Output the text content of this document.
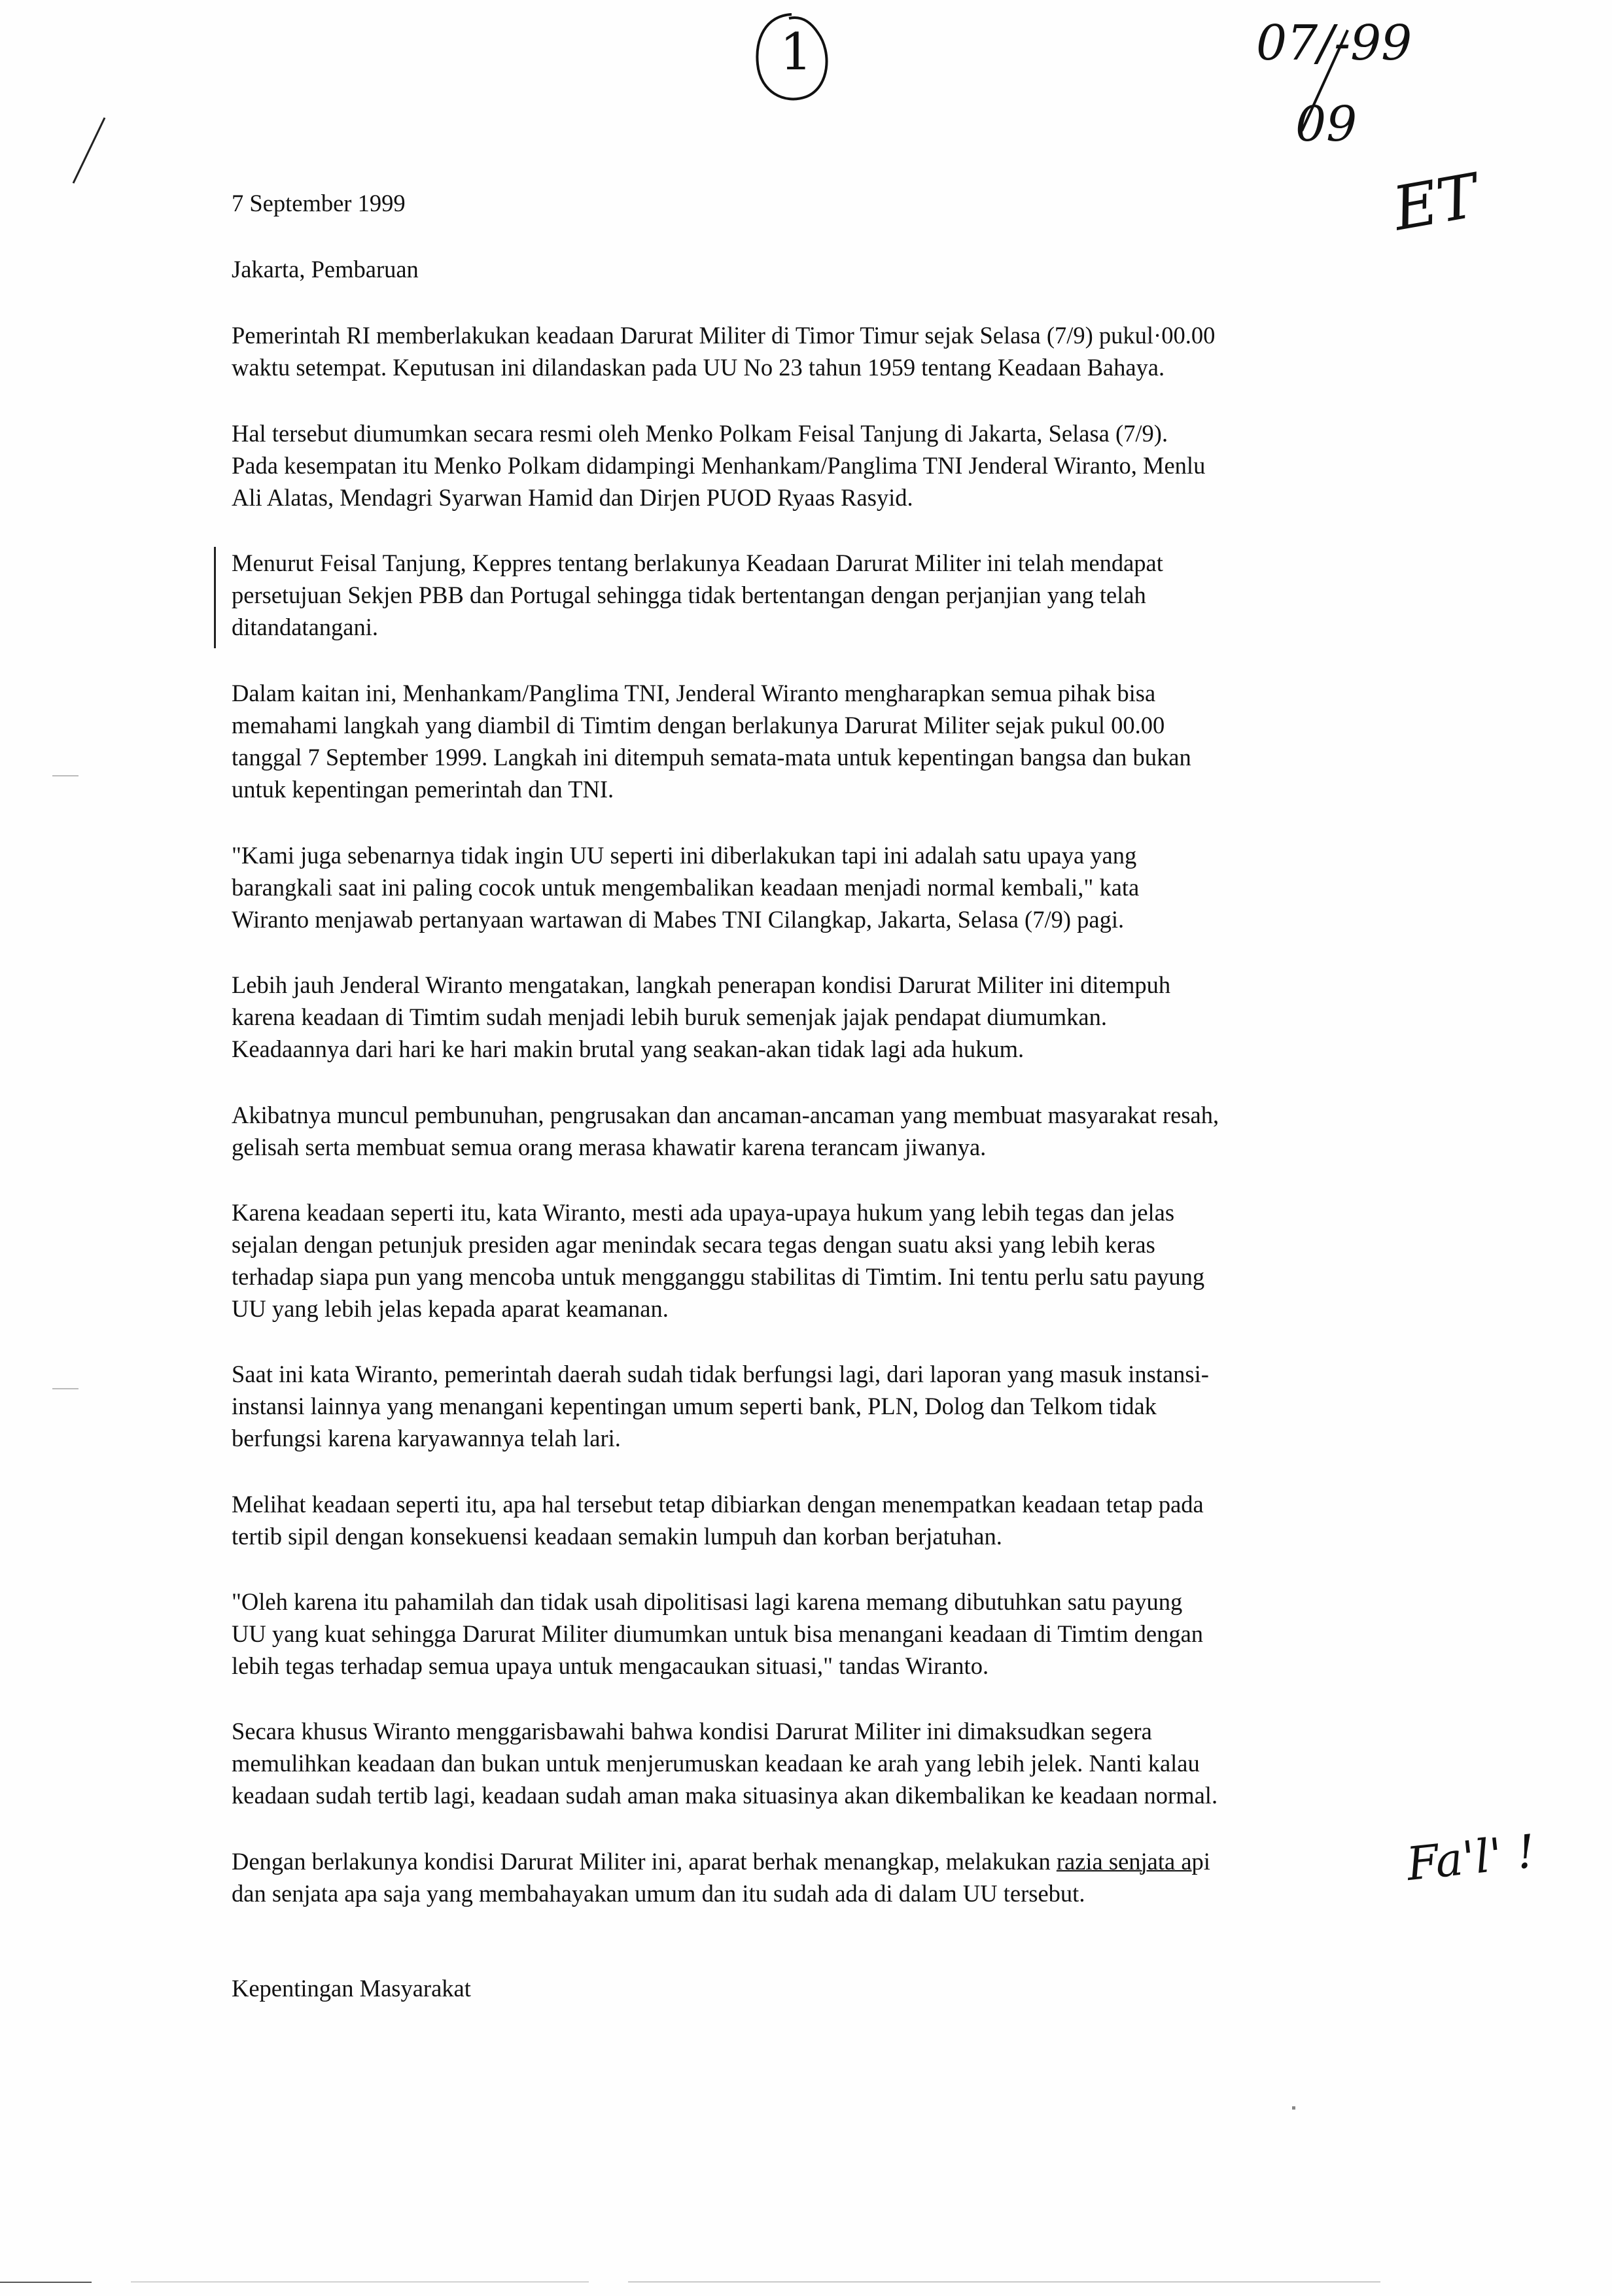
1	07/-99
09
ET

7 September 1999

Jakarta, Pembaruan

Pemerintah RI memberlakukan keadaan Darurat Militer di Timor Timur sejak Selasa (7/9) pukul·00.00
waktu setempat. Keputusan ini dilandaskan pada UU No 23 tahun 1959 tentang Keadaan Bahaya.

Hal tersebut diumumkan secara resmi oleh Menko Polkam Feisal Tanjung di Jakarta, Selasa (7/9).
Pada kesempatan itu Menko Polkam didampingi Menhankam/Panglima TNI Jenderal Wiranto, Menlu
Ali Alatas, Mendagri Syarwan Hamid dan Dirjen PUOD Ryaas Rasyid.

Menurut Feisal Tanjung, Keppres tentang berlakunya Keadaan Darurat Militer ini telah mendapat
persetujuan Sekjen PBB dan Portugal sehingga tidak bertentangan dengan perjanjian yang telah
ditandatangani.

Dalam kaitan ini, Menhankam/Panglima TNI, Jenderal Wiranto mengharapkan semua pihak bisa
memahami langkah yang diambil di Timtim dengan berlakunya Darurat Militer sejak pukul 00.00
tanggal 7 September 1999. Langkah ini ditempuh semata-mata untuk kepentingan bangsa dan bukan
untuk kepentingan pemerintah dan TNI.

"Kami juga sebenarnya tidak ingin UU seperti ini diberlakukan tapi ini adalah satu upaya yang
barangkali saat ini paling cocok untuk mengembalikan keadaan menjadi normal kembali," kata
Wiranto menjawab pertanyaan wartawan di Mabes TNI Cilangkap, Jakarta, Selasa (7/9) pagi.

Lebih jauh Jenderal Wiranto mengatakan, langkah penerapan kondisi Darurat Militer ini ditempuh
karena keadaan di Timtim sudah menjadi lebih buruk semenjak jajak pendapat diumumkan.
Keadaannya dari hari ke hari makin brutal yang seakan-akan tidak lagi ada hukum.

Akibatnya muncul pembunuhan, pengrusakan dan ancaman-ancaman yang membuat masyarakat resah,
gelisah serta membuat semua orang merasa khawatir karena terancam jiwanya.

Karena keadaan seperti itu, kata Wiranto, mesti ada upaya-upaya hukum yang lebih tegas dan jelas
sejalan dengan petunjuk presiden agar menindak secara tegas dengan suatu aksi yang lebih keras
terhadap siapa pun yang mencoba untuk mengganggu stabilitas di Timtim. Ini tentu perlu satu payung
UU yang lebih jelas kepada aparat keamanan.

Saat ini kata Wiranto, pemerintah daerah sudah tidak berfungsi lagi, dari laporan yang masuk instansi-
instansi lainnya yang menangani kepentingan umum seperti bank, PLN, Dolog dan Telkom tidak
berfungsi karena karyawannya telah lari.

Melihat keadaan seperti itu, apa hal tersebut tetap dibiarkan dengan menempatkan keadaan tetap pada
tertib sipil dengan konsekuensi keadaan semakin lumpuh dan korban berjatuhan.

"Oleh karena itu pahamilah dan tidak usah dipolitisasi lagi karena memang dibutuhkan satu payung
UU yang kuat sehingga Darurat Militer diumumkan untuk bisa menangani keadaan di Timtim dengan
lebih tegas terhadap semua upaya untuk mengacaukan situasi," tandas Wiranto.

Secara khusus Wiranto menggarisbawahi bahwa kondisi Darurat Militer ini dimaksudkan segera
memulihkan keadaan dan bukan untuk menjerumuskan keadaan ke arah yang lebih jelek. Nanti kalau
keadaan sudah tertib lagi, keadaan sudah aman maka situasinya akan dikembalikan ke keadaan normal.

Dengan berlakunya kondisi Darurat Militer ini, aparat berhak menangkap, melakukan razia senjata api
dan senjata apa saja yang membahayakan umum dan itu sudah ada di dalam UU tersebut.

Fa'l' !

Kepentingan Masyarakat
